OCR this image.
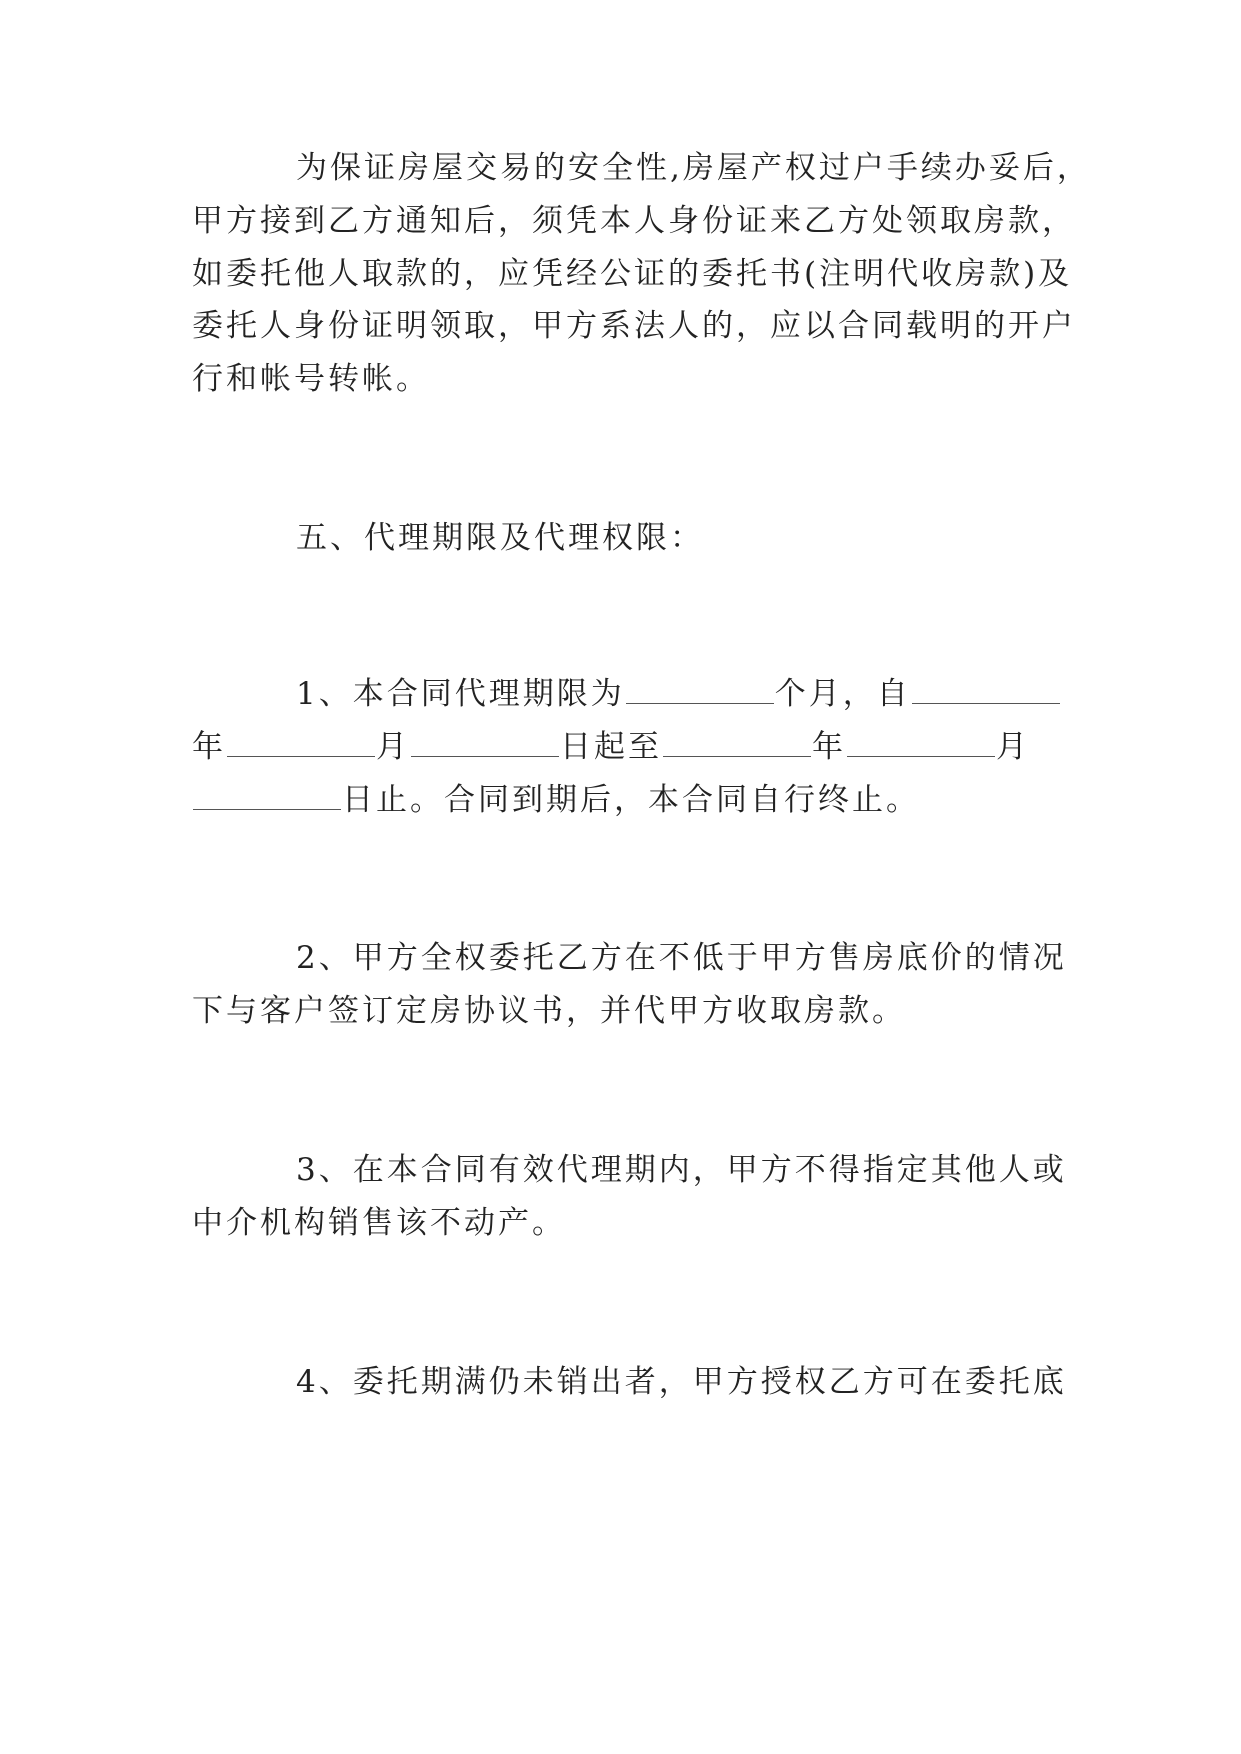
为保证房屋交易的安全性,房屋产权过户手续办妥后，
甲方接到乙方通知后，须凭本人身份证来乙方处领取房款，
如委托他人取款的，应凭经公证的委托书(注明代收房款)及
委托人身份证明领取，甲方系法人的，应以合同载明的开户
行和帐号转帐。
五、代理期限及代理权限：
1、本合同代理期限为	个月，自
年	月	日起至	年	月
日止。合同到期后，本合同自行终止。
2、甲方全权委托乙方在不低于甲方售房底价的情况
下与客户签订定房协议书，并代甲方收取房款。
3、在本合同有效代理期内，甲方不得指定其他人或
中介机构销售该不动产。
4、委托期满仍未销出者，甲方授权乙方可在委托底
